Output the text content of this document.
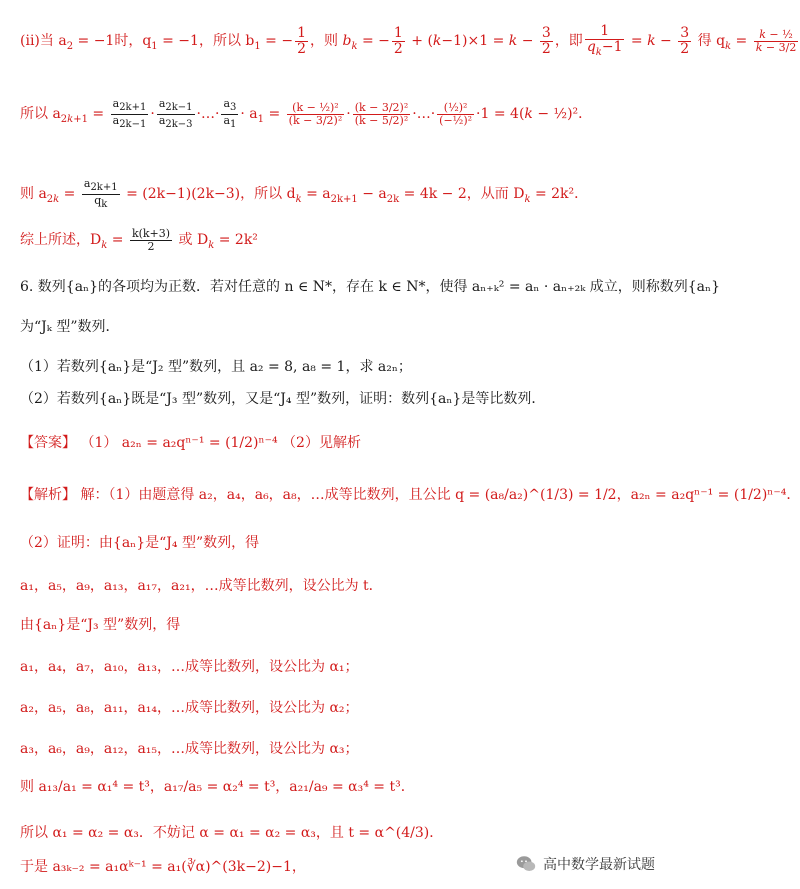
(ii)当 $a_2 = -1$时，$q_1 = -1$，所以 $b_1$ = − $\frac{1}{2}$ ，则 $b_k$ = − $\frac{1}{2} + (k-1)\times 1 = k - \frac{3}{2}$ ，即 $\frac{1}{q_k-1} = k - \frac{3}{2}$ 得 $q_k = \frac{\text{k − ½}}{k - 3/2}$
所以 $a_{2k+1} = \frac{a_{2k+1}}{a_{2k-1}} \cdot \frac{a_{2k-1}}{a_{2k-3}}$ ·…· $\frac{a_3}{a_1} \cdot a_1 = \frac{\text{(k − ½)²}}{\text{(k − 3/2)²}} \cdot \frac{\text{(k − 3/2)²}}{\text{(k − 5/2)²}}$ ·…· $\frac{\text{(½)²}}{\text{(−½)²}} \cdot 1 = 4(k$ − ½)²．
则 $a_{2k} = \frac{a_{2k+1}}{q_k} = (2k-1)(2k-3)$，所以 $d_k = a_{2k+1} - a_{2k} = 4k - 2$，从而 $D_k = 2k^2$．
综上所述，$D_k = \frac{k(k+3)}{2}$ 或 $D_k = 2k^2$
6. 数列{aₙ}的各项均为正数．若对任意的 n ∈ N*，存在 k ∈ N*，使得 aₙ₊ₖ² = aₙ · aₙ₊₂ₖ 成立，则称数列{aₙ}
为“Jₖ 型”数列．
（1）若数列{aₙ}是“J₂ 型”数列，且 a₂ = 8, a₈ = 1，求 a₂ₙ；
（2）若数列{aₙ}既是“J₃ 型”数列，又是“J₄ 型”数列，证明：数列{aₙ}是等比数列．
【答案】 （1） a₂ₙ = a₂qⁿ⁻¹ = (1/2)ⁿ⁻⁴ （2）见解析
【解析】 解：（1）由题意得 a₂，a₄，a₆，a₈，…成等比数列，且公比 q = (a₈/a₂)^(1/3) = 1/2，a₂ₙ = a₂qⁿ⁻¹ = (1/2)ⁿ⁻⁴．
（2）证明：由{aₙ}是“J₄ 型”数列，得
a₁，a₅，a₉，a₁₃，a₁₇，a₂₁，…成等比数列，设公比为 t．
由{aₙ}是“J₃ 型”数列，得
a₁，a₄，a₇，a₁₀，a₁₃，…成等比数列，设公比为 α₁；
a₂，a₅，a₈，a₁₁，a₁₄，…成等比数列，设公比为 α₂；
a₃，a₆，a₉，a₁₂，a₁₅，…成等比数列，设公比为 α₃；
则 a₁₃/a₁ = α₁⁴ = t³，a₁₇/a₅ = α₂⁴ = t³，a₂₁/a₉ = α₃⁴ = t³．
所以 α₁ = α₂ = α₃．不妨记 α = α₁ = α₂ = α₃，且 t = α^(4/3)．
于是 a₃ₖ₋₂ = a₁αᵏ⁻¹ = a₁(∛α)^(3k−2)−1，	高中数学最新试题
